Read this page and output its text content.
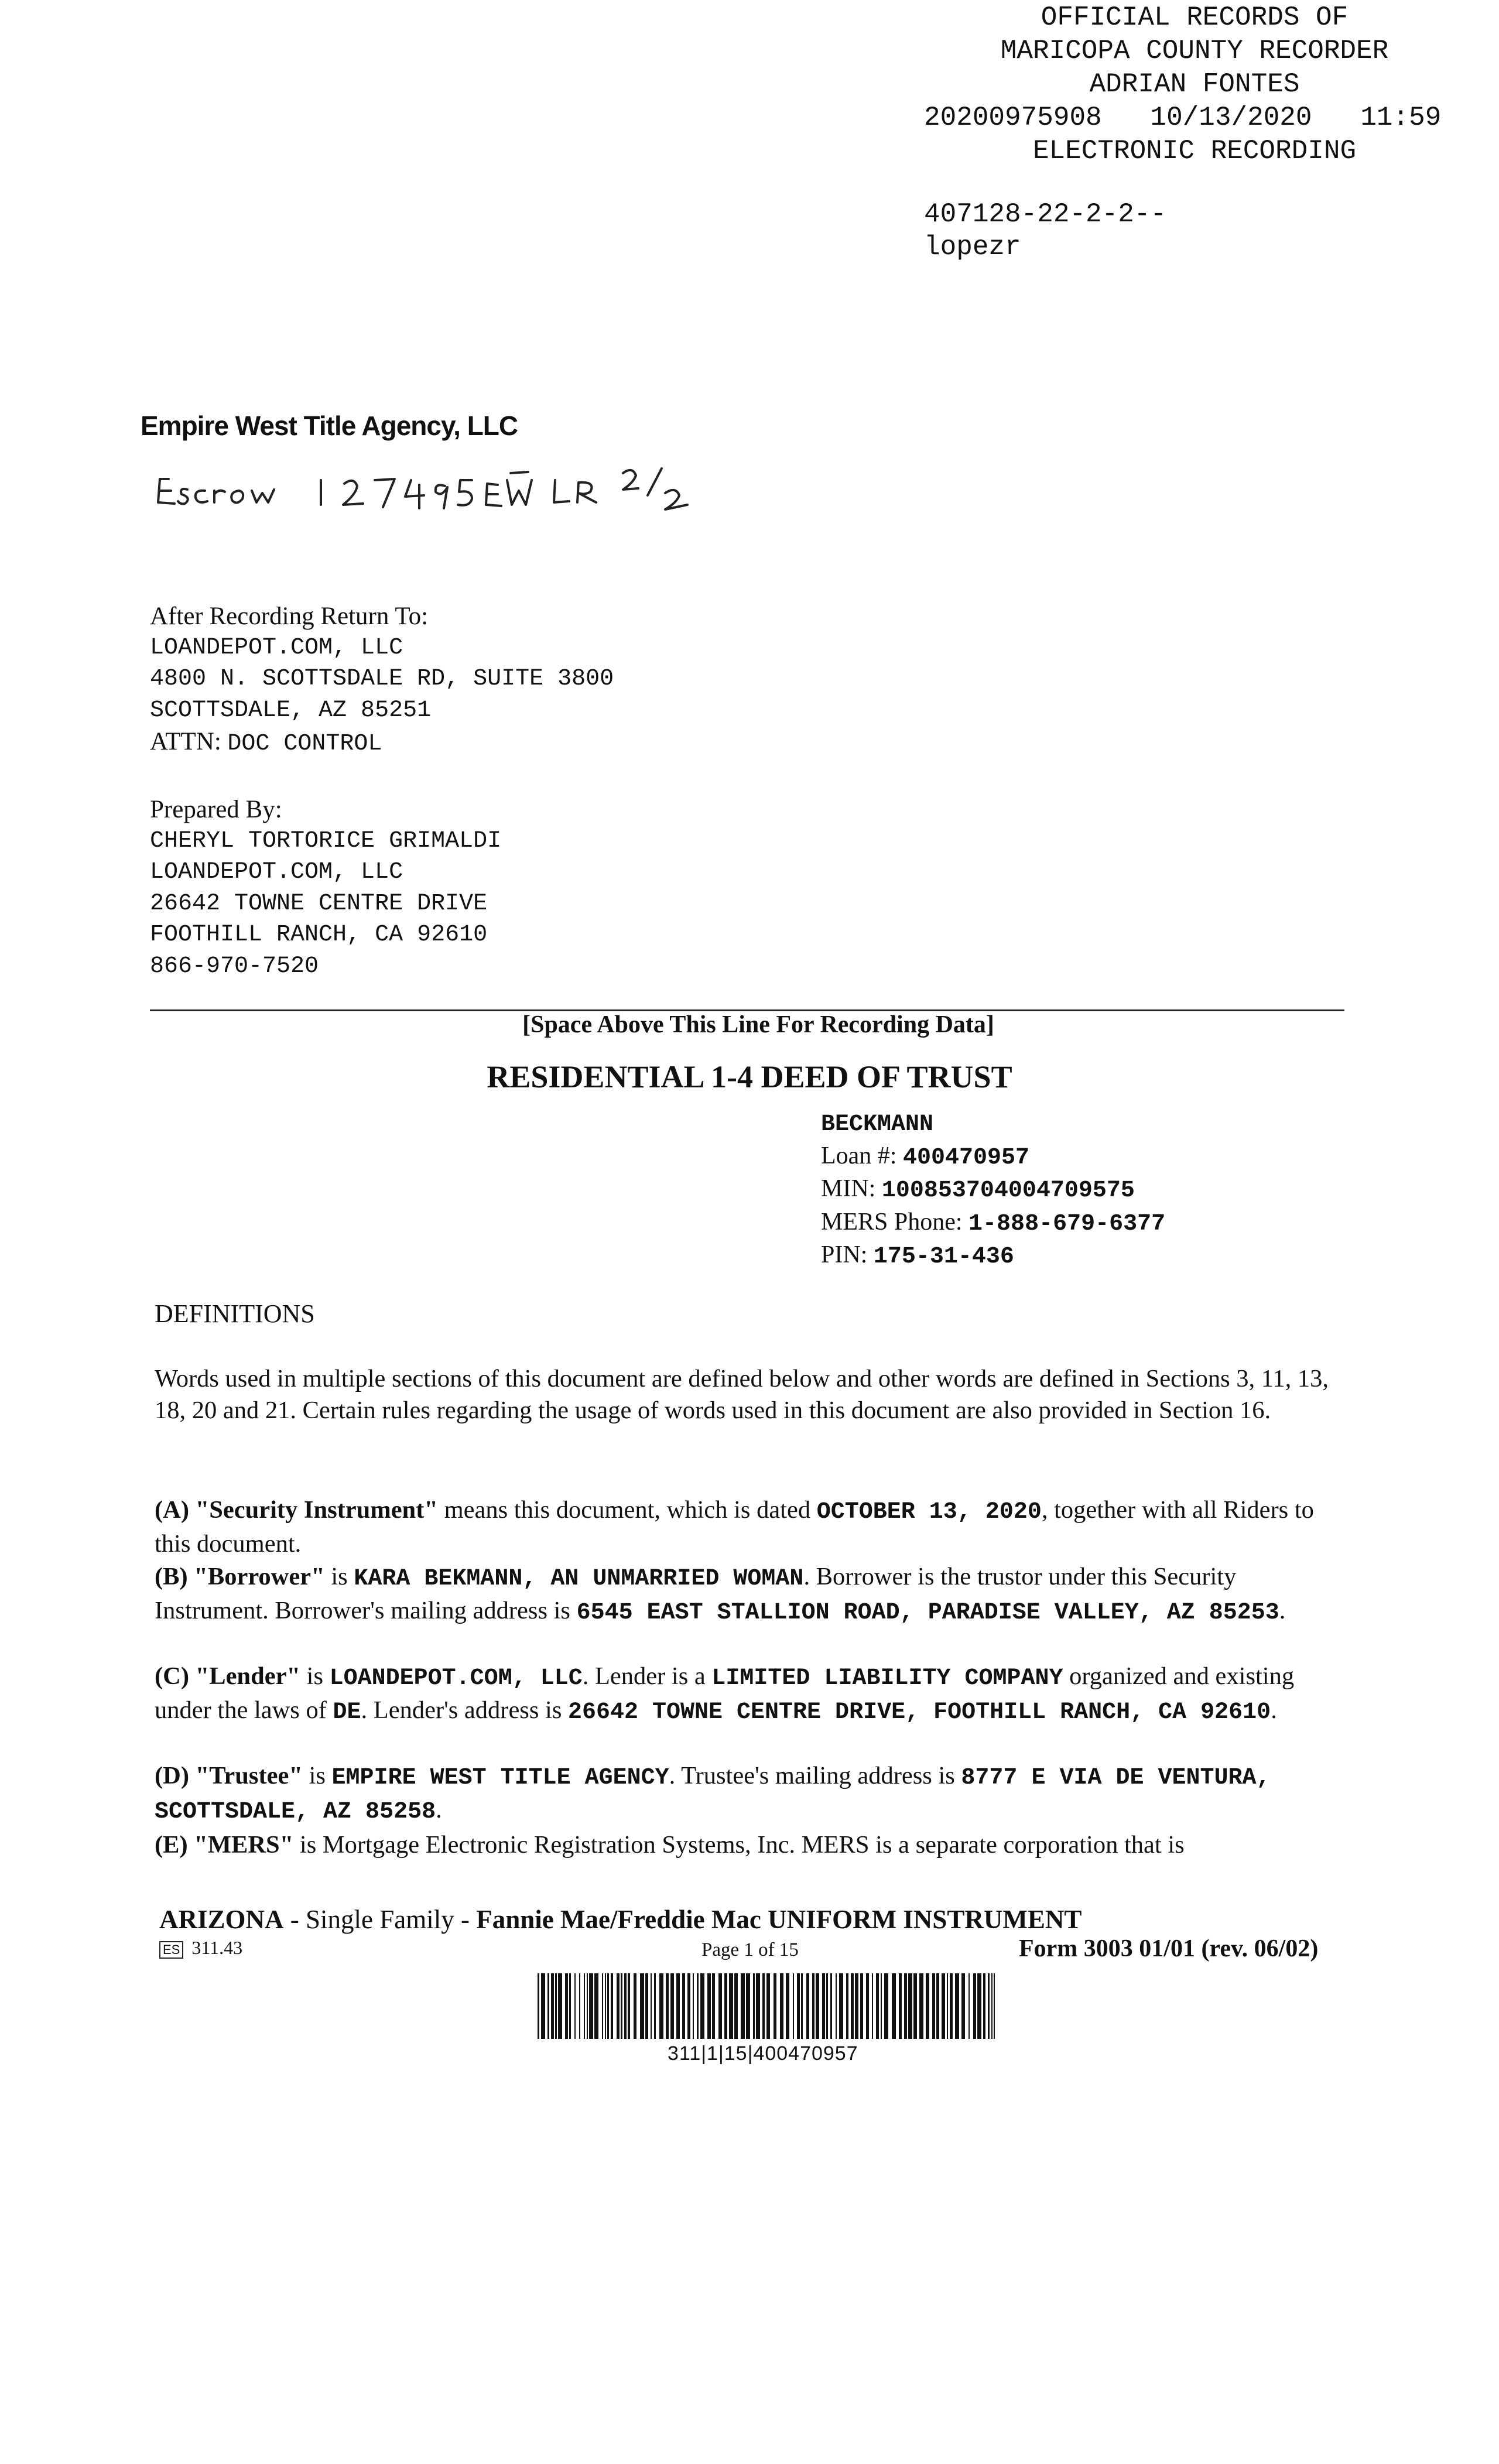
OFFICIAL RECORDS OF
MARICOPA COUNTY RECORDER
ADRIAN FONTES
20200975908   10/13/2020   11:59
ELECTRONIC RECORDING
407128-22-2-2--
lopezr
Empire West Title Agency, LLC
After Recording Return To:
LOANDEPOT.COM, LLC
4800 N. SCOTTSDALE RD, SUITE 3800
SCOTTSDALE, AZ 85251
ATTN: DOC CONTROL
Prepared By:
CHERYL TORTORICE GRIMALDI
LOANDEPOT.COM, LLC
26642 TOWNE CENTRE DRIVE
FOOTHILL RANCH, CA 92610
866-970-7520
[Space Above This Line For Recording Data]
RESIDENTIAL 1-4 DEED OF TRUST
BECKMANN
Loan #: 400470957
MIN: 100853704004709575
MERS Phone: 1-888-679-6377
PIN: 175-31-436
DEFINITIONS
Words used in multiple sections of this document are defined below and other words are defined in Sections 3, 11, 13, 18, 20 and 21. Certain rules regarding the usage of words used in this document are also provided in Section 16.
(A) "Security Instrument" means this document, which is dated OCTOBER 13, 2020, together with all Riders to this document.
(B) "Borrower" is KARA BEKMANN, AN UNMARRIED WOMAN. Borrower is the trustor under this Security Instrument. Borrower's mailing address is 6545 EAST STALLION ROAD, PARADISE VALLEY, AZ 85253.
(C) "Lender" is LOANDEPOT.COM, LLC. Lender is a LIMITED LIABILITY COMPANY organized and existing under the laws of DE. Lender's address is 26642 TOWNE CENTRE DRIVE, FOOTHILL RANCH, CA 92610.
(D) "Trustee" is EMPIRE WEST TITLE AGENCY. Trustee's mailing address is 8777 E VIA DE VENTURA, SCOTTSDALE, AZ 85258.
(E) "MERS" is Mortgage Electronic Registration Systems, Inc. MERS is a separate corporation that is
ARIZONA - Single Family - Fannie Mae/Freddie Mac UNIFORM INSTRUMENT
ES 311.43	Page 1 of 15	Form 3003 01/01 (rev. 06/02)
311|1|15|400470957
